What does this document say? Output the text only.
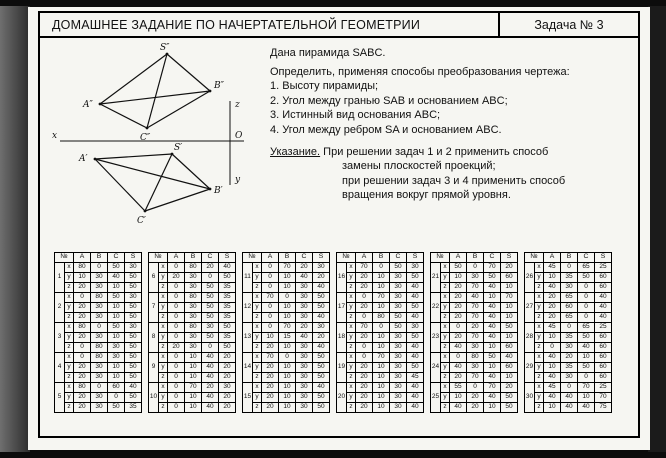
ДОМАШНЕЕ ЗАДАНИЕ ПО НАЧЕРТАТЕЛЬНОЙ ГЕОМЕТРИИ	Задача № 3
x
z
O
y
S″
A″
B″
C″
A′
S′
B′
C′
Дана пирамида SABC.
Определить, применяя способы преобразования чертежа:
1. Высоту пирамиды;
2. Угол между гранью SAB и основанием ABC;
3. Истинный вид основания ABC;
4. Угол между ребром SA и основанием ABC.
Указание. При решении задач 1 и 2 применить способ
замены плоскостей проекций;
при решении задач 3 и 4 применить способ
вращения вокруг прямой уровня.
№		A	B	C	S
1	x	80	0	50	30
	у	10	30	40	50
	z	20	30	10	50
2	x	0	80	50	30
	у	20	30	10	50
	z	20	30	10	50
3	x	80	0	50	30
	у	20	30	10	50
	z	0	80	30	50
4	x	0	80	30	50
	у	20	30	10	50
	z	20	30	10	50
5	x	80	0	60	40
	у	20	30	0	50
	z	20	30	50	35
№		A	B	C	S
6	x	0	80	20	40
	у	20	30	0	50
	z	0	30	50	35
7	x	0	80	50	35
	у	0	30	50	35
	z	0	30	50	35
8	x	0	80	30	50
	у	0	30	50	35
	z	20	30	0	50
9	x	0	10	40	20
	у	0	10	40	20
	z	0	10	40	20
10	x	0	70	20	30
	у	0	10	40	20
	z	0	10	40	20
№		A	B	C	S
11	x	0	70	20	30
	у	0	10	40	20
	z	0	10	30	40
12	x	70	0	30	50
	у	0	10	30	50
	z	0	10	30	40
13	x	0	70	20	30
	у	10	15	40	20
	z	20	10	30	40
14	x	70	0	30	50
	у	20	10	30	50
	z	20	10	30	50
15	x	20	10	30	40
	у	20	10	30	50
	z	20	10	30	50
№		A	B	C	S
16	x	70	0	50	30
	у	20	10	30	50
	z	20	10	30	40
17	x	0	70	30	40
	у	20	10	30	50
	z	0	80	50	40
18	x	70	0	50	30
	у	20	10	30	50
	z	0	10	30	40
19	x	0	70	30	40
	у	20	10	30	50
	z	20	10	30	45
20	x	20	10	30	40
	у	20	10	30	40
	z	20	10	30	40
№		A	B	C	S
21	x	50	0	70	20
	у	10	30	50	60
	z	20	70	40	10
22	x	20	40	10	70
	у	20	70	40	10
	z	20	70	40	10
23	x	0	20	40	50
	у	20	70	40	10
	z	40	30	10	60
24	x	0	80	50	40
	у	40	30	10	60
	z	20	70	40	10
25	x	55	0	70	20
	у	10	20	40	50
	z	40	20	10	50
№		A	B	C	S
26	x	45	0	65	25
	у	10	35	50	60
	z	40	30	0	60
27	x	20	65	0	40
	у	20	60	0	40
	z	20	65	0	40
28	x	45	0	65	25
	у	10	35	50	60
	z	0	30	40	60
29	x	40	20	10	60
	у	10	35	50	60
	z	40	30	0	60
30	x	45	0	70	25
	у	40	40	10	70
	z	10	40	40	75
